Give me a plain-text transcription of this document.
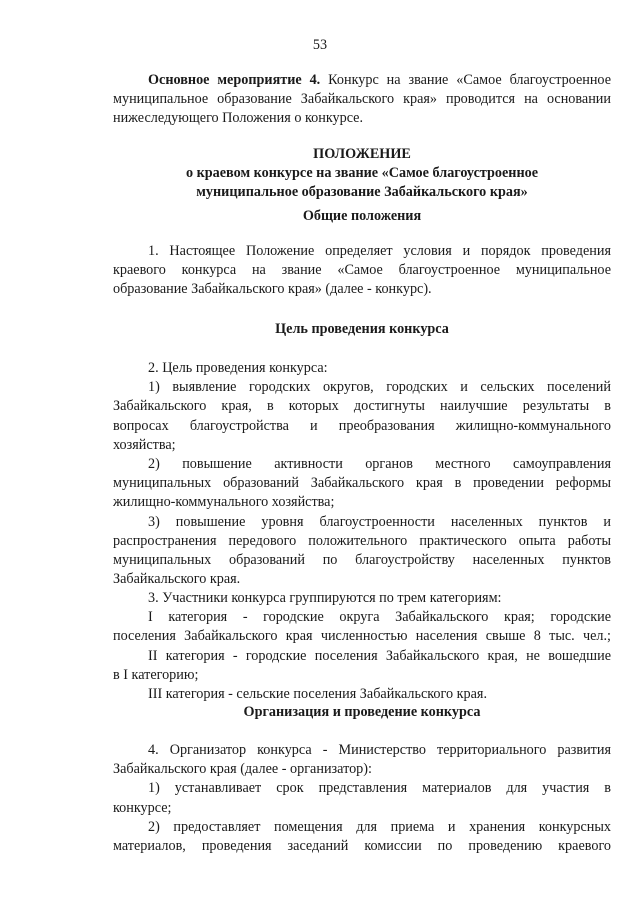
53
Основное мероприятие 4. Конкурс на звание «Самое благоустроенное
муниципальное образование Забайкальского края» проводится на основании
нижеследующего Положения о конкурсе.
ПОЛОЖЕНИЕ
о краевом конкурсе на звание «Самое благоустроенное
муниципальное образование Забайкальского края»
Общие положения
1. Настоящее Положение определяет условия и порядок проведения
краевого конкурса на звание «Самое благоустроенное муниципальное
образование Забайкальского края» (далее - конкурс).
Цель проведения конкурса
2. Цель проведения конкурса:
1) выявление городских округов, городских и сельских поселений
Забайкальского края, в которых достигнуты наилучшие результаты в
вопросах благоустройства и преобразования жилищно-коммунального
хозяйства;
2) повышение активности органов местного самоуправления
муниципальных образований Забайкальского края в проведении реформы
жилищно-коммунального хозяйства;
3) повышение уровня благоустроенности населенных пунктов и
распространения передового положительного практического опыта работы
муниципальных образований по благоустройству населенных пунктов
Забайкальского края.
3. Участники конкурса группируются по трем категориям:
I категория - городские округа Забайкальского края; городские
поселения Забайкальского края численностью населения свыше 8 тыс. чел.;
II категория - городские поселения Забайкальского края, не вошедшие
в I категорию;
III категория - сельские поселения Забайкальского края.
Организация и проведение конкурса
4. Организатор конкурса - Министерство территориального развития
Забайкальского края (далее - организатор):
1) устанавливает срок представления материалов для участия в
конкурсе;
2) предоставляет помещения для приема и хранения конкурсных
материалов, проведения заседаний комиссии по проведению краевого
